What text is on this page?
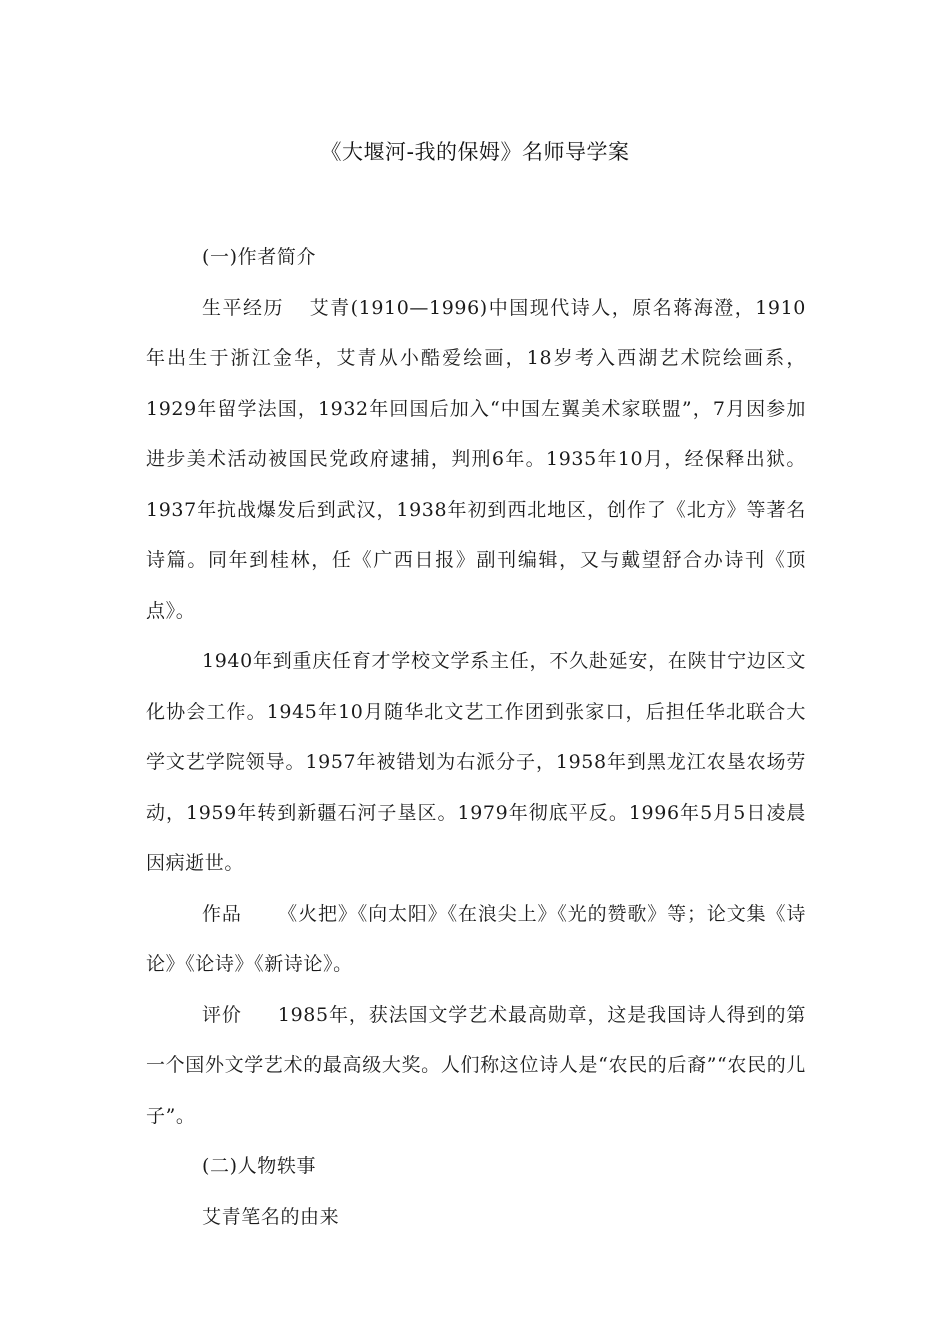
《大堰河-我的保姆》名师导学案

(一)作者简介

生平经历 艾青(1910—1996)中国现代诗人，原名蒋海澄，1910年出生于浙江金华，艾青从小酷爱绘画，18岁考入西湖艺术院绘画系，1929年留学法国，1932年回国后加入“中国左翼美术家联盟”，7月因参加进步美术活动被国民党政府逮捕，判刑6年。1935年10月，经保释出狱。1937年抗战爆发后到武汉，1938年初到西北地区，创作了《北方》等著名诗篇。同年到桂林，任《广西日报》副刊编辑，又与戴望舒合办诗刊《顶点》。

1940年到重庆任育才学校文学系主任，不久赴延安，在陕甘宁边区文化协会工作。1945年10月随华北文艺工作团到张家口，后担任华北联合大学文艺学院领导。1957年被错划为右派分子，1958年到黑龙江农垦农场劳动，1959年转到新疆石河子垦区。1979年彻底平反。1996年5月5日凌晨因病逝世。

作品 《火把》《向太阳》《在浪尖上》《光的赞歌》等；论文集《诗论》《论诗》《新诗论》。

评价 1985年，获法国文学艺术最高勋章，这是我国诗人得到的第一个国外文学艺术的最高级大奖。人们称这位诗人是“农民的后裔”“农民的儿子”。

(二)人物轶事

艾青笔名的由来
